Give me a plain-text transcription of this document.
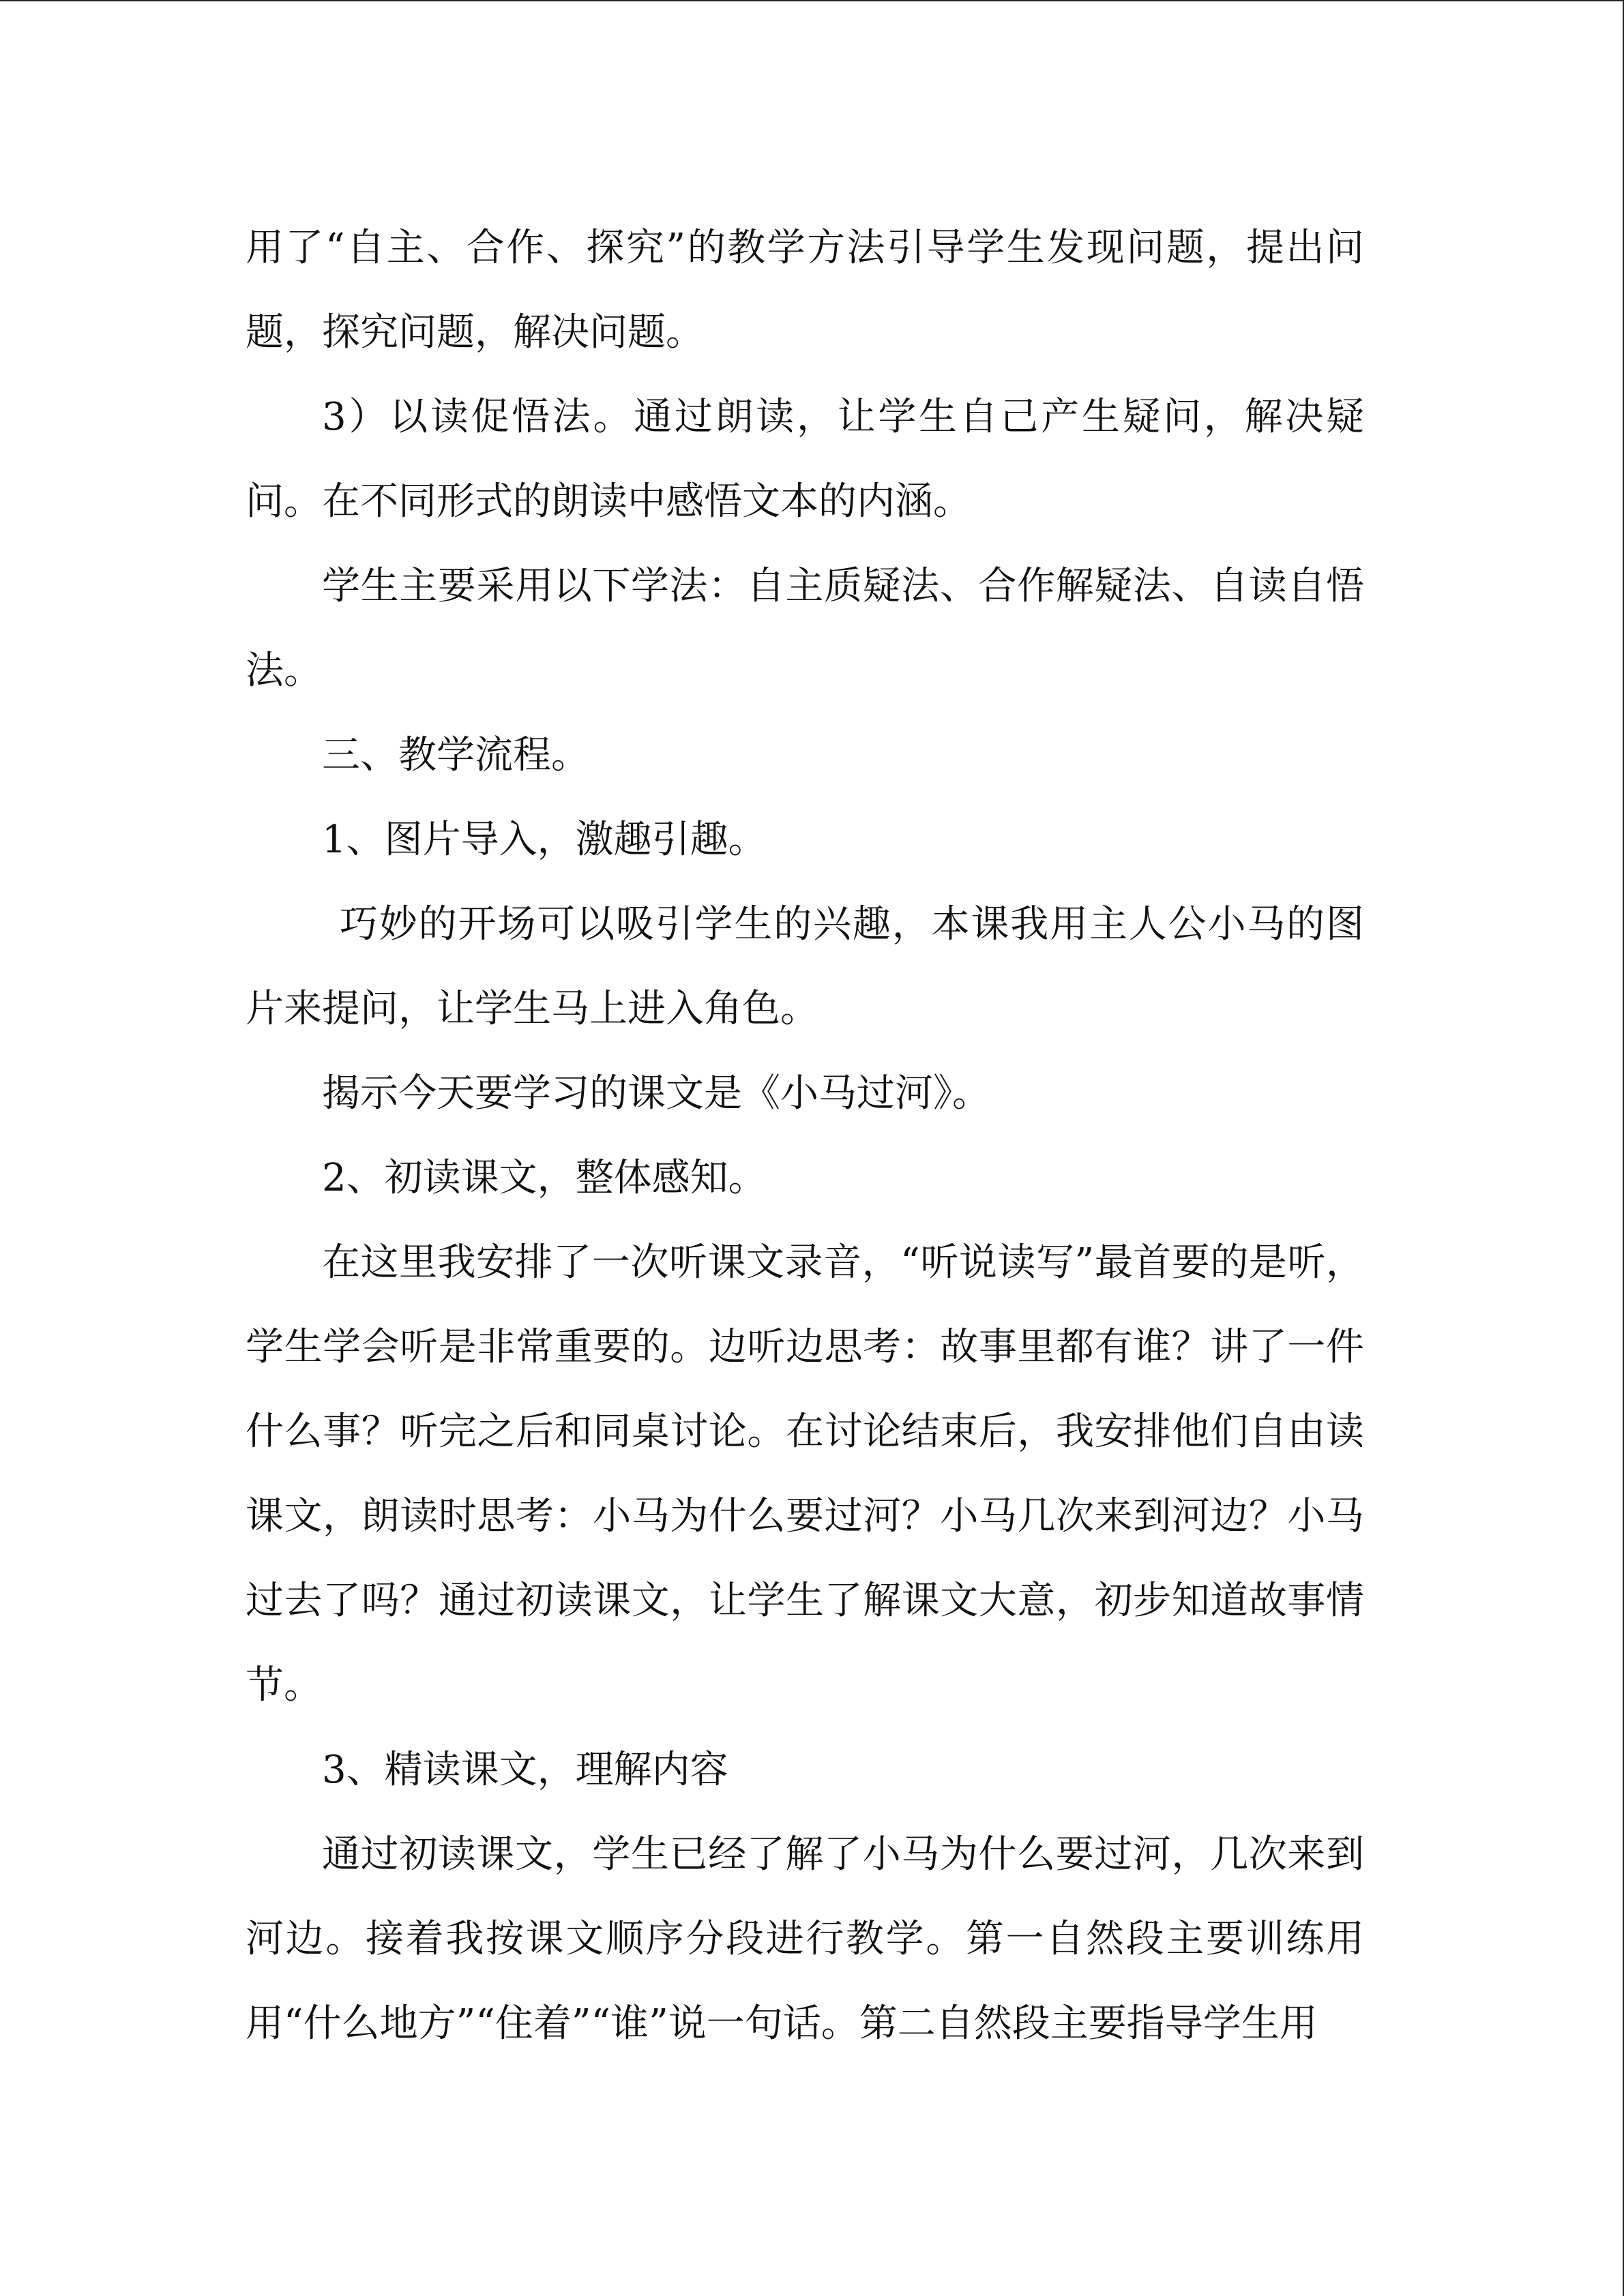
用了“自主、合作、探究”的教学方法引导学生发现问题，提出问题，探究问题，解决问题。

3）以读促悟法。通过朗读，让学生自己产生疑问，解决疑问。在不同形式的朗读中感悟文本的内涵。

学生主要采用以下学法：自主质疑法、合作解疑法、自读自悟法。

三、教学流程。

1、图片导入，激趣引趣。

巧妙的开场可以吸引学生的兴趣，本课我用主人公小马的图片来提问，让学生马上进入角色。

揭示今天要学习的课文是《小马过河》。

2、初读课文，整体感知。

在这里我安排了一次听课文录音，“听说读写”最首要的是听，学生学会听是非常重要的。边听边思考：故事里都有谁？讲了一件什么事？听完之后和同桌讨论。在讨论结束后，我安排他们自由读课文，朗读时思考：小马为什么要过河？小马几次来到河边？小马过去了吗？通过初读课文，让学生了解课文大意，初步知道故事情节。

3、精读课文，理解内容

通过初读课文，学生已经了解了小马为什么要过河，几次来到河边。接着我按课文顺序分段进行教学。第一自然段主要训练用用“什么地方”“住着”“谁”说一句话。第二自然段主要指导学生用
